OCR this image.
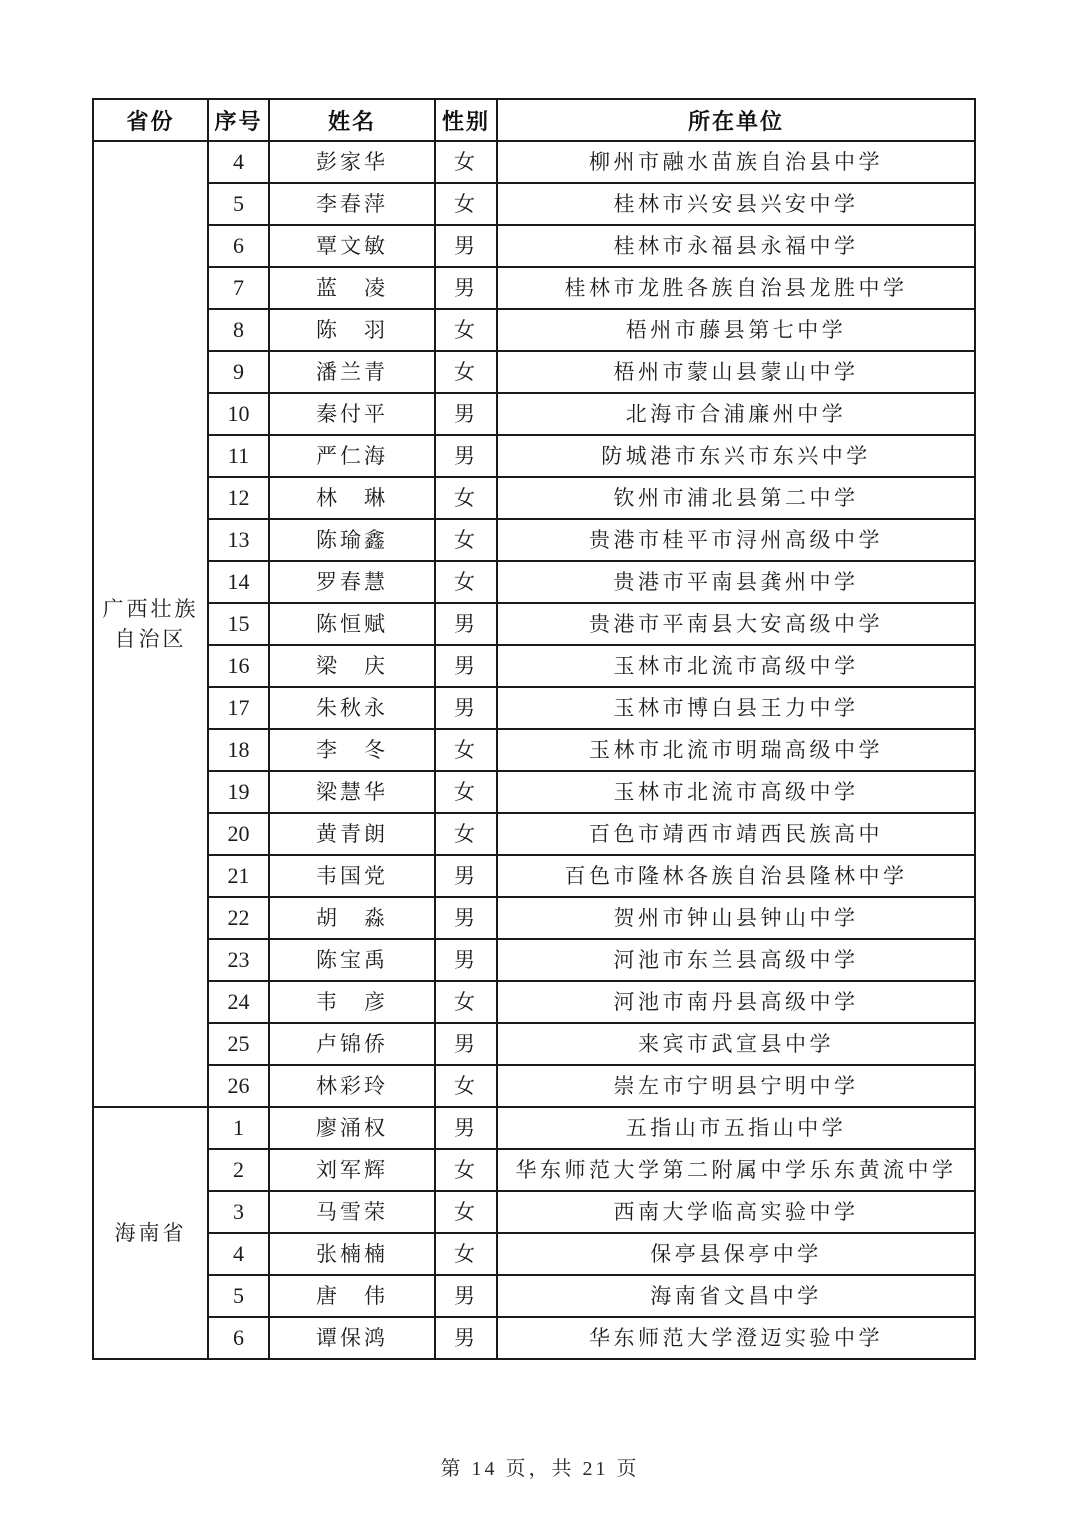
省份	序号	姓名	性别	所在单位

广西壮族
自治区	4	彭家华	女	柳州市融水苗族自治县中学
	5	李春萍	女	桂林市兴安县兴安中学
	6	覃文敏	男	桂林市永福县永福中学
	7	蓝　凌	男	桂林市龙胜各族自治县龙胜中学
	8	陈　羽	女	梧州市藤县第七中学
	9	潘兰青	女	梧州市蒙山县蒙山中学
	10	秦付平	男	北海市合浦廉州中学
	11	严仁海	男	防城港市东兴市东兴中学
	12	林　琳	女	钦州市浦北县第二中学
	13	陈瑜鑫	女	贵港市桂平市浔州高级中学
	14	罗春慧	女	贵港市平南县龚州中学
	15	陈恒赋	男	贵港市平南县大安高级中学
	16	梁　庆	男	玉林市北流市高级中学
	17	朱秋永	男	玉林市博白县王力中学
	18	李　冬	女	玉林市北流市明瑞高级中学
	19	梁慧华	女	玉林市北流市高级中学
	20	黄青朗	女	百色市靖西市靖西民族高中
	21	韦国党	男	百色市隆林各族自治县隆林中学
	22	胡　淼	男	贺州市钟山县钟山中学
	23	陈宝禹	男	河池市东兰县高级中学
	24	韦　彦	女	河池市南丹县高级中学
	25	卢锦侨	男	来宾市武宣县中学
	26	林彩玲	女	崇左市宁明县宁明中学

海南省	1	廖涌权	男	五指山市五指山中学
	2	刘军辉	女	华东师范大学第二附属中学乐东黄流中学
	3	马雪荣	女	西南大学临高实验中学
	4	张楠楠	女	保亭县保亭中学
	5	唐　伟	男	海南省文昌中学
	6	谭保鸿	男	华东师范大学澄迈实验中学
第 14 页，共 21 页
